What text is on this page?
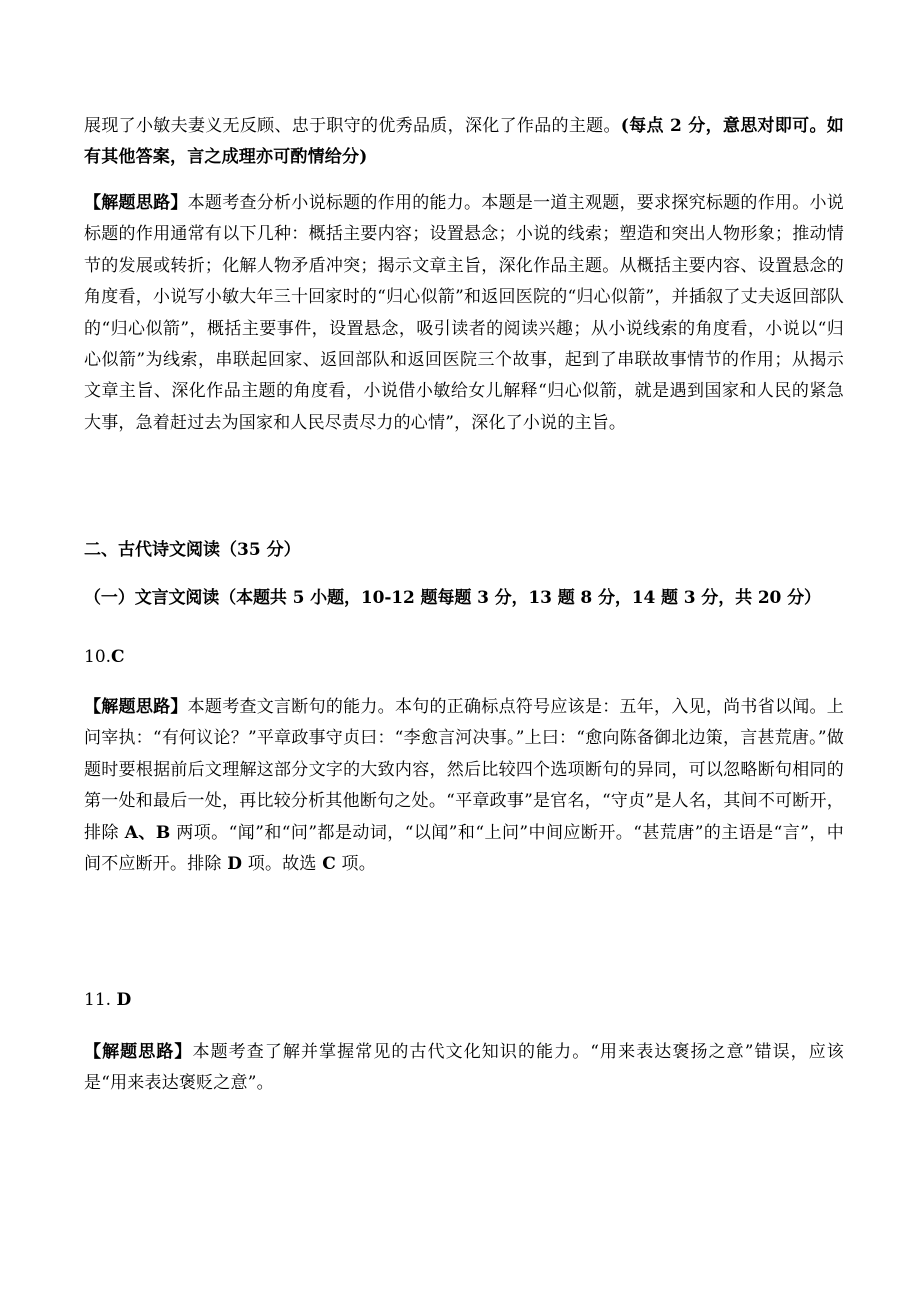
展现了小敏夫妻义无反顾、忠于职守的优秀品质，深化了作品的主题。(每点 2 分，意思对即可。如有其他答案，言之成理亦可酌情给分)

【解题思路】本题考查分析小说标题的作用的能力。本题是一道主观题，要求探究标题的作用。小说标题的作用通常有以下几种：概括主要内容；设置悬念；小说的线索；塑造和突出人物形象；推动情节的发展或转折；化解人物矛盾冲突；揭示文章主旨，深化作品主题。从概括主要内容、设置悬念的角度看，小说写小敏大年三十回家时的“归心似箭”和返回医院的“归心似箭”，并插叙了丈夫返回部队的“归心似箭”，概括主要事件，设置悬念，吸引读者的阅读兴趣；从小说线索的角度看，小说以“归心似箭”为线索，串联起回家、返回部队和返回医院三个故事，起到了串联故事情节的作用；从揭示文章主旨、深化作品主题的角度看，小说借小敏给女儿解释“归心似箭，就是遇到国家和人民的紧急大事，急着赶过去为国家和人民尽责尽力的心情”，深化了小说的主旨。

二、古代诗文阅读（35 分）

（一）文言文阅读（本题共 5 小题，10-12 题每题 3 分，13 题 8 分，14 题 3 分，共 20 分）

10.C

【解题思路】本题考查文言断句的能力。本句的正确标点符号应该是：五年，入见，尚书省以闻。上问宰执：“有何议论？”平章政事守贞曰：“李愈言河决事。”上曰：“愈向陈备御北边策，言甚荒唐。”做题时要根据前后文理解这部分文字的大致内容，然后比较四个选项断句的异同，可以忽略断句相同的第一处和最后一处，再比较分析其他断句之处。“平章政事”是官名，“守贞”是人名，其间不可断开，排除 A、B 两项。“闻”和“问”都是动词，“以闻”和“上问”中间应断开。“甚荒唐”的主语是“言”，中间不应断开。排除 D 项。故选 C 项。

11. D

【解题思路】本题考查了解并掌握常见的古代文化知识的能力。“用来表达褒扬之意”错误，应该是“用来表达褒贬之意”。
